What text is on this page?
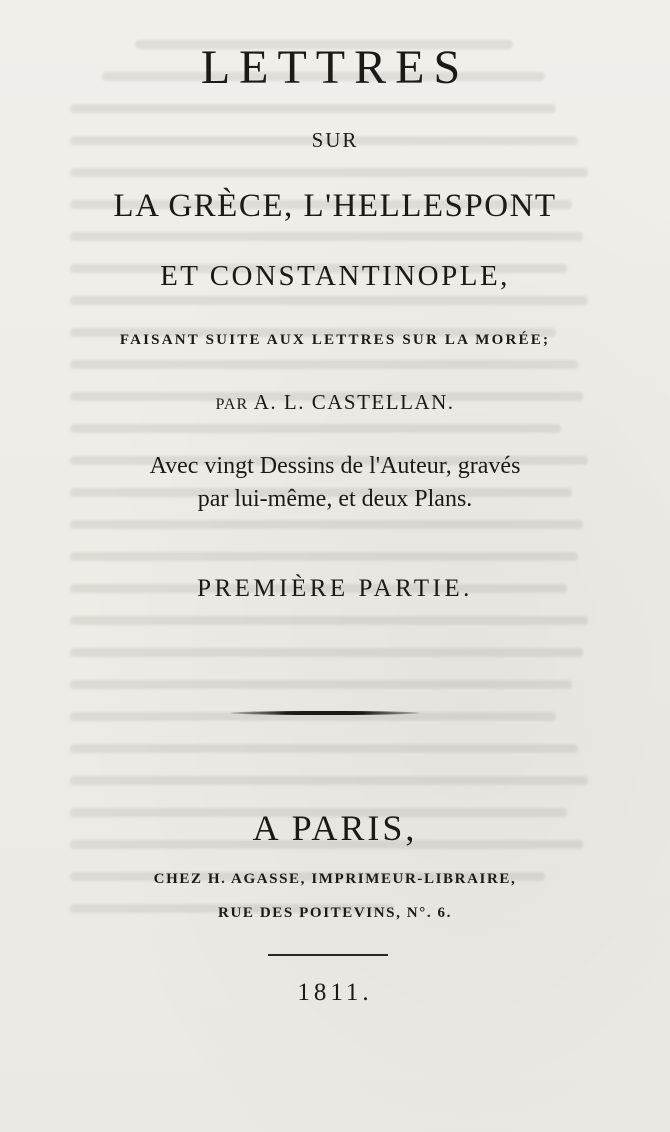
LETTRES
SUR
LA GRÈCE, L'HELLESPONT
ET CONSTANTINOPLE,
FAISANT SUITE AUX LETTRES SUR LA MORÉE;
PAR A. L. CASTELLAN.
Avec vingt Dessins de l'Auteur, gravés
par lui-même, et deux Plans.
PREMIÈRE PARTIE.
A PARIS,
CHEZ H. AGASSE, IMPRIMEUR-LIBRAIRE,
RUE DES POITEVINS, N°. 6.
1811.
